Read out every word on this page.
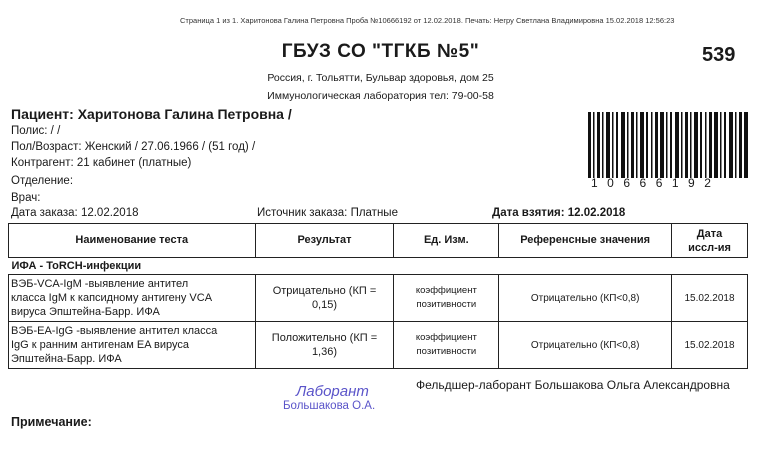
Страница 1 из 1. Харитонова Галина Петровна Проба №10666192 от 12.02.2018. Печать: Негру Светлана Владимировна 15.02.2018 12:56:23
ГБУЗ СО "ТГКБ №5"	539
Россия, г. Тольятти, Бульвар здоровья, дом 25
Иммунологическая лаборатория тел: 79-00-58
Пациент: Харитонова Галина Петровна /
Полис: / /
Пол/Возраст: Женский / 27.06.1966 / (51 год) /
Контрагент: 21 кабинет (платные)
Отделение:
Врач:
10666192
Дата заказа: 12.02.2018	Источник заказа: Платные	Дата взятия: 12.02.2018
Наименование теста	Результат	Ед. Изм.	Референсные значения	Дата
иссл-ия

ИФА - ToRCH-инфекции				

ВЭБ-VCA-IgM -выявление антител
класса IgM к капсидному антигену VCA
вируса Эпштейна-Барр. ИФА	Отрицательно (КП =
0,15)	коэффициент
позитивности	Отрицательно (КП<0,8)	15.02.2018

ВЭБ-EA-IgG -выявление антител класса
IgG к ранним антигенам EA вируса
Эпштейна-Барр. ИФА	Положительно (КП =
1,36)	коэффициент
позитивности	Отрицательно (КП<0,8)	15.02.2018
Лаборант
Большакова О.А.
Фельдшер-лаборант Большакова Ольга Александровна
Примечание:
